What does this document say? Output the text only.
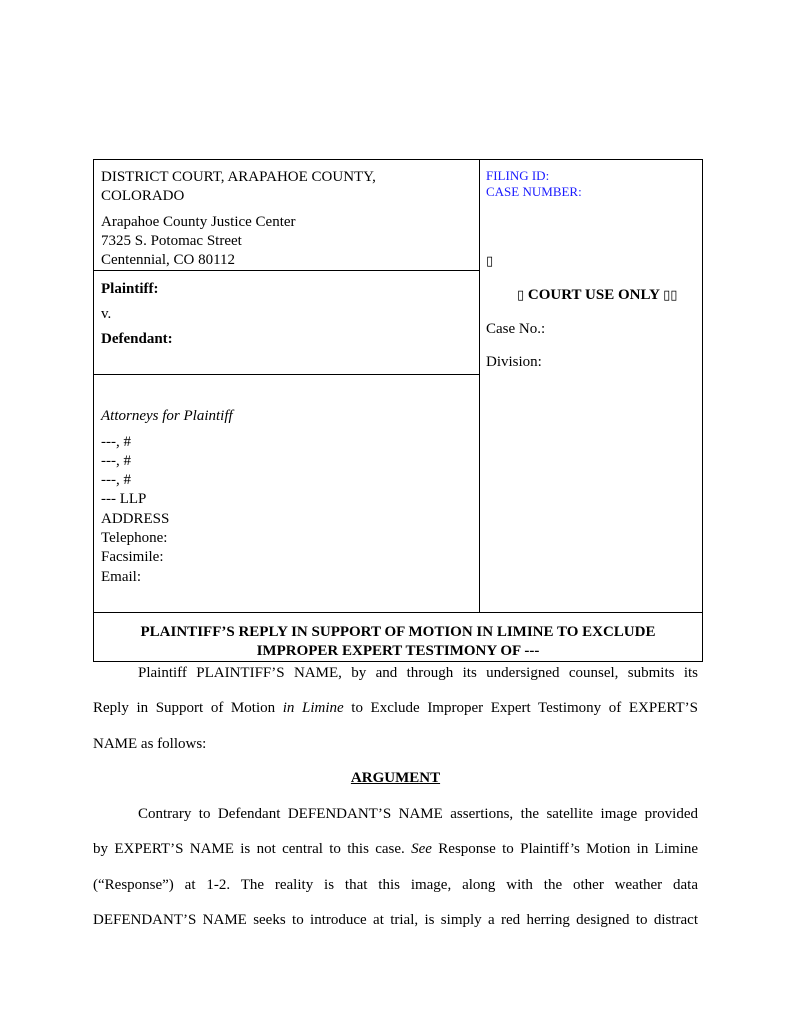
DISTRICT COURT, ARAPAHOE COUNTY,
COLORADO
Arapahoe County Justice Center
7325 S. Potomac Street
Centennial, CO 80112
Plaintiff:
v.
Defendant:
Attorneys for Plaintiff
---, #
---, #
---, #
--- LLP
ADDRESS
Telephone:
Facsimile:
Email:
FILING ID:
CASE NUMBER:
▯
▯ COURT USE ONLY ▯▯
Case No.:
Division:
PLAINTIFF’S REPLY IN SUPPORT OF MOTION IN LIMINE TO EXCLUDE
IMPROPER EXPERT TESTIMONY OF ---
Plaintiff PLAINTIFF’S NAME, by and through its undersigned counsel, submits its
Reply in Support of Motion in Limine to Exclude Improper Expert Testimony of EXPERT’S
NAME as follows:
ARGUMENT
Contrary to Defendant DEFENDANT’S NAME assertions, the satellite image provided
by EXPERT’S NAME is not central to this case. See Response to Plaintiff’s Motion in Limine
(“Response”) at 1-2. The reality is that this image, along with the other weather data
DEFENDANT’S NAME seeks to introduce at trial, is simply a red herring designed to distract
